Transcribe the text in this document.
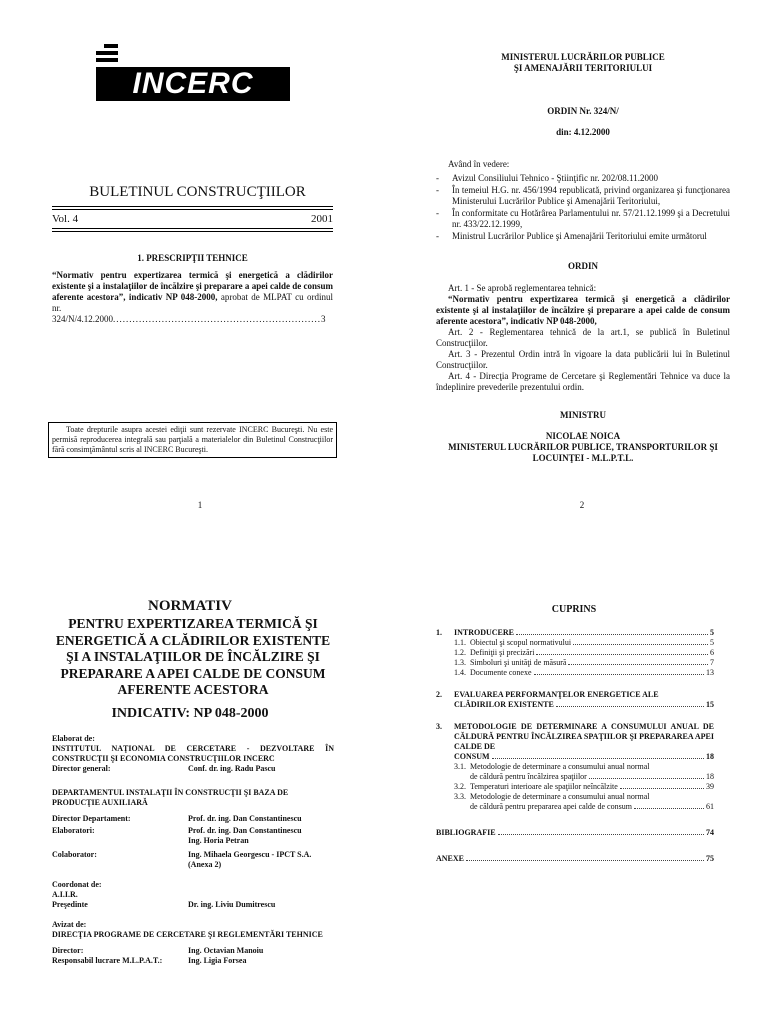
INCERC
BULETINUL CONSTRUCŢIILOR
Vol. 4	2001
1. PRESCRIPŢII TEHNICE
“Normativ pentru expertizarea termică şi energetică a clădirilor existente şi a instalaţiilor de încălzire şi preparare a apei calde de consum aferente acestora”, indicativ NP 048-2000, aprobat de MLPAT cu ordinul nr. 324/N/4.12.2000................................................................3
Toate drepturile asupra acestei ediţii sunt rezervate INCERC Bucureşti. Nu este permisă reproducerea integrală sau parţială a materialelor din Buletinul Construcţiilor fără consimţământul scris al INCERC Bucureşti.
1
MINISTERUL LUCRĂRILOR PUBLICE
ŞI AMENAJĂRII TERITORIULUI
ORDIN Nr. 324/N/
din: 4.12.2000
Având în vedere:
-	Avizul Consiliului Tehnico - Ştiinţific nr. 202/08.11.2000
-	În temeiul H.G. nr. 456/1994 republicată, privind organizarea şi funcţionarea Ministerului Lucrărilor Publice şi Amenajării Teritoriului,
-	În conformitate cu Hotărârea Parlamentului nr. 57/21.12.1999 şi a Decretului nr. 433/22.12.1999,
-	Ministrul Lucrărilor Publice şi Amenajării Teritoriului emite următorul
ORDIN
Art. 1 - Se aprobă reglementarea tehnică:
“Normativ pentru expertizarea termică şi energetică a clădirilor existente şi al instalaţiilor de încălzire şi preparare a apei calde de consum aferente acestora”, indicativ NP 048-2000,
Art. 2 - Reglementarea tehnică de la art.1, se publică în Buletinul Construcţiilor.
Art. 3 - Prezentul Ordin intră în vigoare la data publicării lui în Buletinul Construcţiilor.
Art. 4 - Direcţia Programe de Cercetare şi Reglementări Tehnice va duce la îndeplinire prevederile prezentului ordin.
MINISTRU
NICOLAE NOICA
MINISTERUL LUCRĂRILOR PUBLICE, TRANSPORTURILOR ŞI LOCUINŢEI - M.L.P.T.L.
2
NORMATIV
PENTRU EXPERTIZAREA TERMICĂ ŞI ENERGETICĂ A CLĂDIRILOR EXISTENTE ŞI A INSTALAŢIILOR DE ÎNCĂLZIRE ŞI PREPARARE A APEI CALDE DE CONSUM AFERENTE ACESTORA
INDICATIV: NP 048-2000
Elaborat de:
INSTITUTUL NAŢIONAL DE CERCETARE - DEZVOLTARE ÎN CONSTRUCŢII ŞI ECONOMIA CONSTRUCŢIILOR INCERC
Director general:	Conf. dr. ing. Radu Pascu
DEPARTAMENTUL INSTALAŢII ÎN CONSTRUCŢII ŞI BAZA DE PRODUCŢIE AUXILIARĂ
Director Departament:	Prof. dr. ing. Dan Constantinescu
Elaboratori:	Prof. dr. ing. Dan Constantinescu
Ing. Horia Petran
Colaborator:	Ing. Mihaela Georgescu - IPCT S.A.
(Anexa 2)
Coordonat de:
A.I.I.R.
Preşedinte	Dr. ing. Liviu Dumitrescu
Avizat de:
DIRECŢIA PROGRAME DE CERCETARE ŞI REGLEMENTĂRI TEHNICE
Director:	Ing. Octavian Manoiu
Responsabil lucrare M.L.P.A.T.:	Ing. Ligia Forsea
CUPRINS
1.	INTRODUCERE	5
1.1. Obiectul şi scopul normativului	5
1.2. Definiţii şi precizări	6
1.3. Simboluri şi unităţi de măsură	7
1.4. Documente conexe	13
2.	EVALUAREA PERFORMANŢELOR ENERGETICE ALE
CLĂDIRILOR EXISTENTE	15
3.	METODOLOGIE DE DETERMINARE A CONSUMULUI ANUAL DE CĂLDURĂ PENTRU ÎNCĂLZIREA SPAŢIILOR ŞI PREPARAREA APEI CALDE DE
CONSUM	18
3.1. Metodologie de determinare a consumului anual normal
de căldură pentru încălzirea spaţiilor	18
3.2. Temperaturi interioare ale spaţiilor neîncălzite	39
3.3. Metodologie de determinare a consumului anual normal
de căldură pentru prepararea apei calde de consum	61
BIBLIOGRAFIE	74
ANEXE	75
